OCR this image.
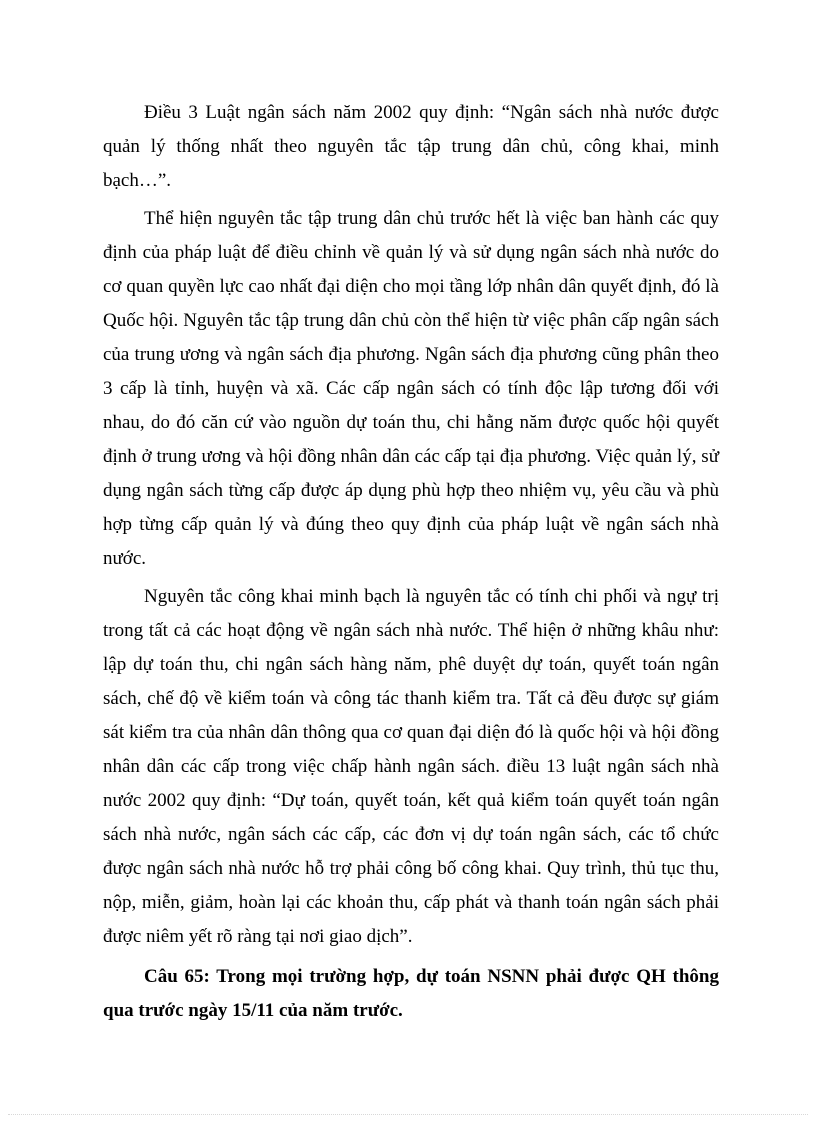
Điều 3 Luật ngân sách năm 2002 quy định: “Ngân sách nhà nước được quản lý thống nhất theo nguyên tắc tập trung dân chủ, công khai, minh bạch…”.

Thể hiện nguyên tắc tập trung dân chủ trước hết là việc ban hành các quy định của pháp luật để điều chỉnh về quản lý và sử dụng ngân sách nhà nước do cơ quan quyền lực cao nhất đại diện cho mọi tầng lớp nhân dân quyết định, đó là Quốc hội. Nguyên tắc tập trung dân chủ còn thể hiện từ việc phân cấp ngân sách của trung ương và ngân sách địa phương. Ngân sách địa phương cũng phân theo 3 cấp là tỉnh, huyện và xã. Các cấp ngân sách có tính độc lập tương đối với nhau, do đó căn cứ vào nguồn dự toán thu, chi hằng năm được quốc hội quyết định ở trung ương và hội đồng nhân dân các cấp tại địa phương. Việc quản lý, sử dụng ngân sách từng cấp được áp dụng phù hợp theo nhiệm vụ, yêu cầu và phù hợp từng cấp quản lý và đúng theo quy định của pháp luật về ngân sách nhà nước.

Nguyên tắc công khai minh bạch là nguyên tắc có tính chi phối và ngự trị trong tất cả các hoạt động về ngân sách nhà nước. Thể hiện ở những khâu như: lập dự toán thu, chi ngân sách hàng năm, phê duyệt dự toán, quyết toán ngân sách, chế độ về kiểm toán và công tác thanh kiểm tra. Tất cả đều được sự giám sát kiểm tra của nhân dân thông qua cơ quan đại diện đó là quốc hội và hội đồng nhân dân các cấp trong việc chấp hành ngân sách. điều 13 luật ngân sách nhà nước 2002 quy định: “Dự toán, quyết toán, kết quả kiểm toán quyết toán ngân sách nhà nước, ngân sách các cấp, các đơn vị dự toán ngân sách, các tổ chức được ngân sách nhà nước hỗ trợ phải công bố công khai. Quy trình, thủ tục thu, nộp, miễn, giảm, hoàn lại các khoản thu, cấp phát và thanh toán ngân sách phải được niêm yết rõ ràng tại nơi giao dịch”.

Câu 65: Trong mọi trường hợp, dự toán NSNN phải được QH thông qua trước ngày 15/11 của năm trước.
